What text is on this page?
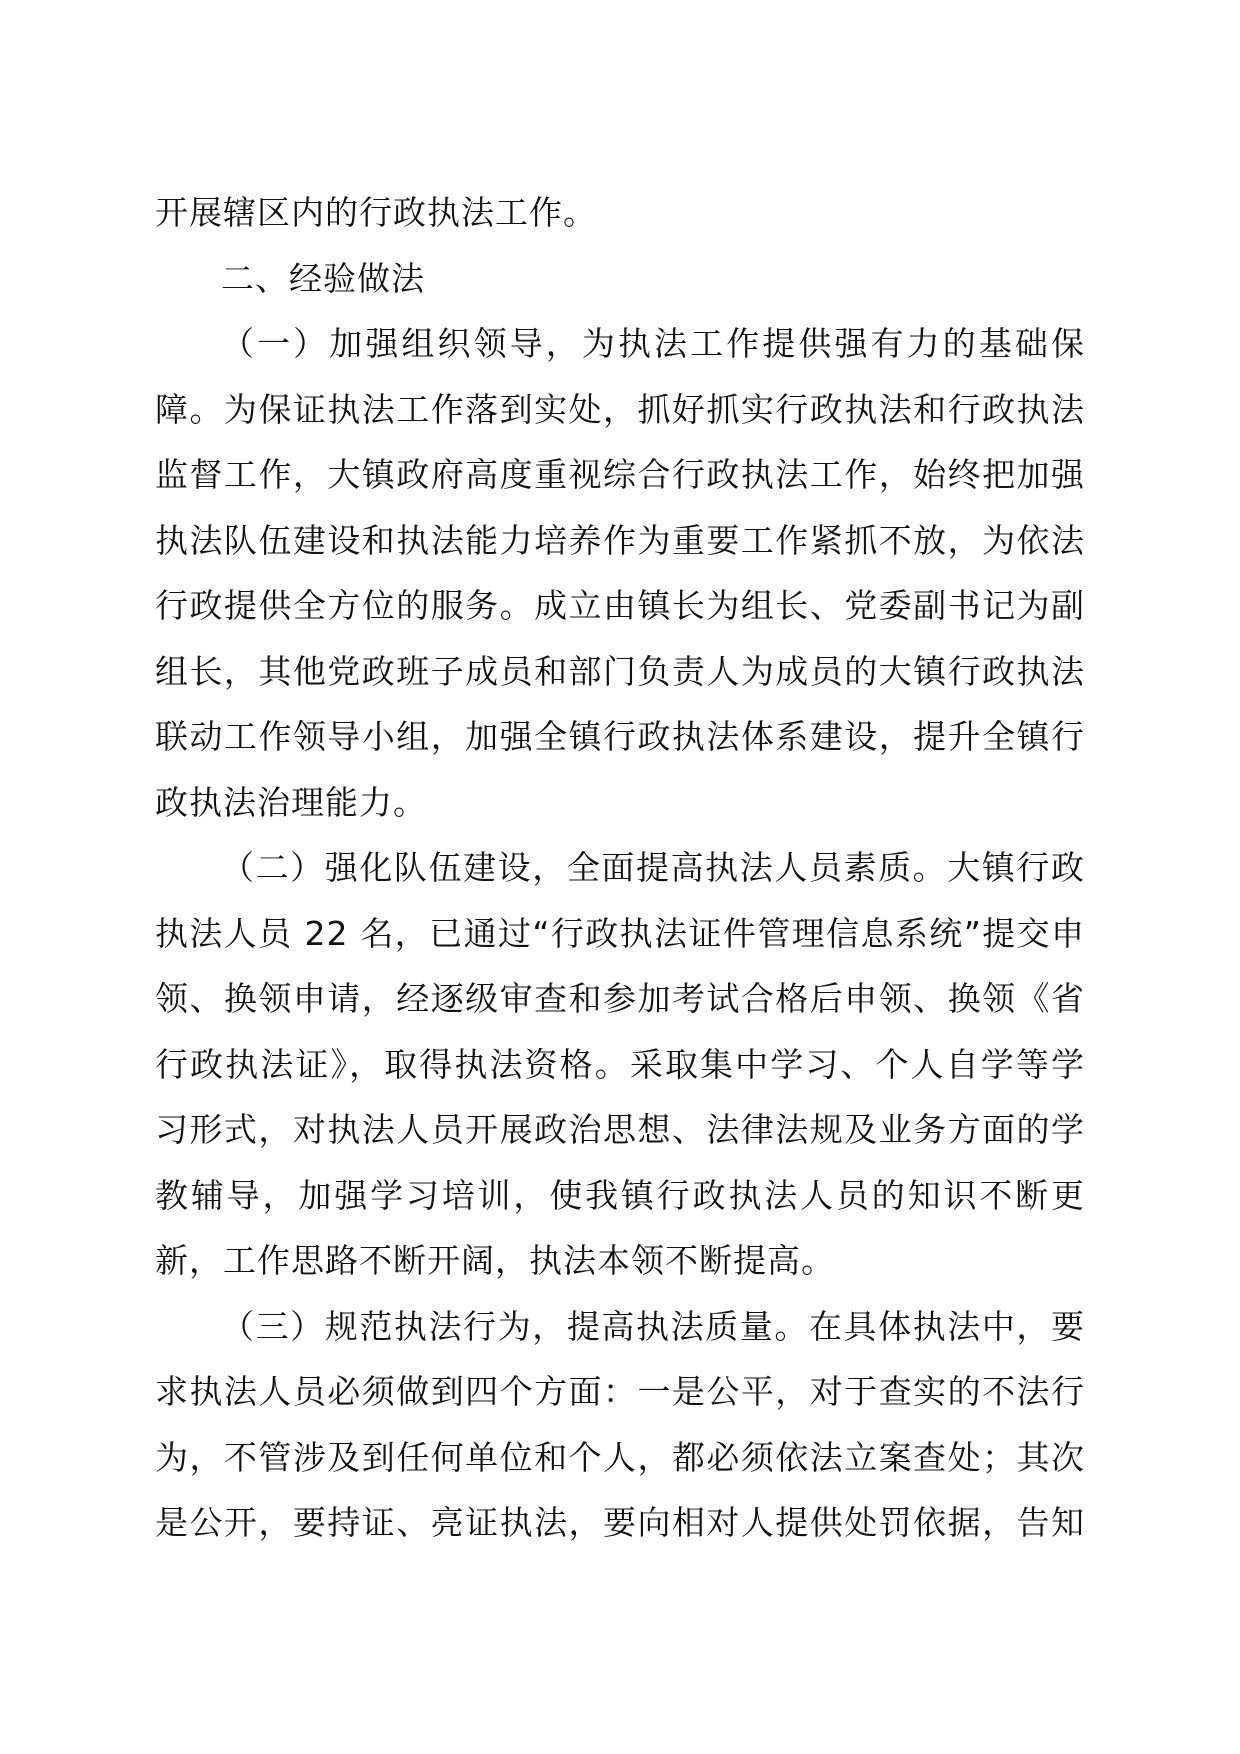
开展辖区内的行政执法工作。
二、经验做法
（一）加强组织领导，为执法工作提供强有力的基础保
障。为保证执法工作落到实处，抓好抓实行政执法和行政执法
监督工作，大镇政府高度重视综合行政执法工作，始终把加强
执法队伍建设和执法能力培养作为重要工作紧抓不放，为依法
行政提供全方位的服务。成立由镇长为组长、党委副书记为副
组长，其他党政班子成员和部门负责人为成员的大镇行政执法
联动工作领导小组，加强全镇行政执法体系建设，提升全镇行
政执法治理能力。
（二）强化队伍建设，全面提高执法人员素质。大镇行政
执法人员 22 名，已通过“行政执法证件管理信息系统”提交申
领、换领申请，经逐级审查和参加考试合格后申领、换领《省
行政执法证》，取得执法资格。采取集中学习、个人自学等学
习形式，对执法人员开展政治思想、法律法规及业务方面的学
教辅导，加强学习培训，使我镇行政执法人员的知识不断更
新，工作思路不断开阔，执法本领不断提高。
（三）规范执法行为，提高执法质量。在具体执法中，要
求执法人员必须做到四个方面：一是公平，对于查实的不法行
为，不管涉及到任何单位和个人，都必须依法立案查处；其次
是公开，要持证、亮证执法，要向相对人提供处罚依据，告知
